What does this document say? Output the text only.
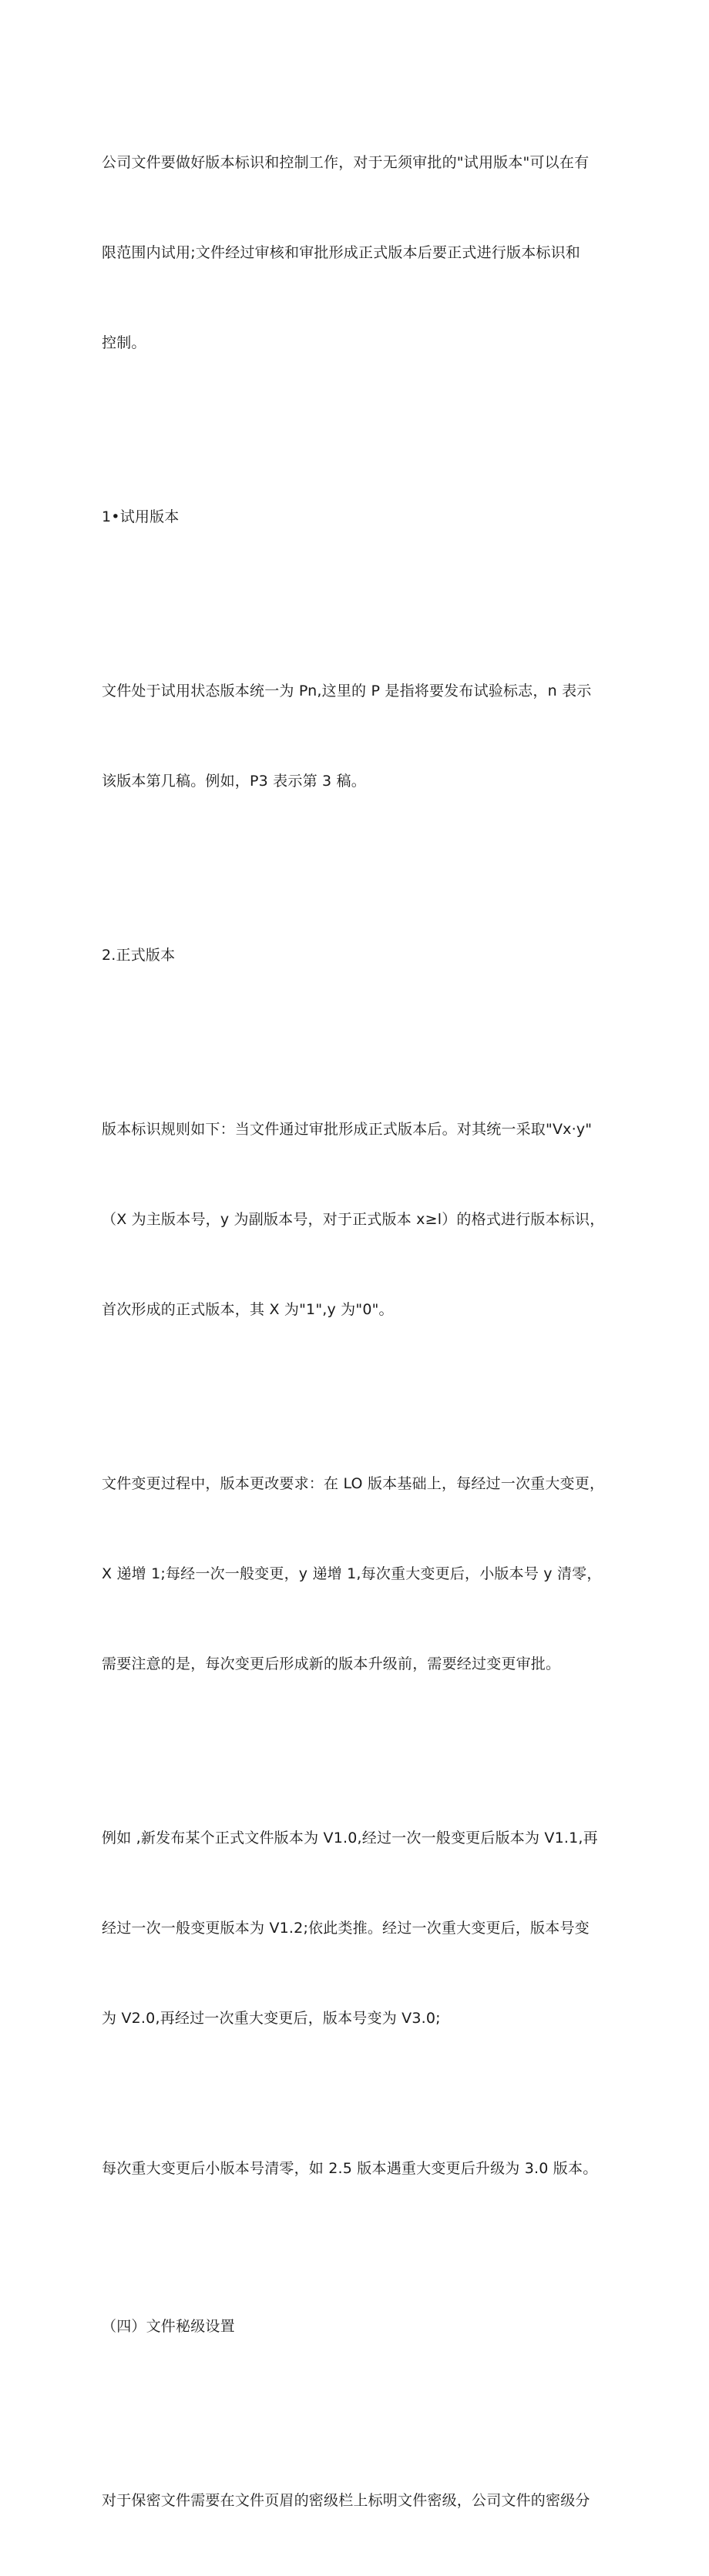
公司文件要做好版本标识和控制工作，对于无须审批的"试用版本"可以在有

限范围内试用;文件经过审核和审批形成正式版本后要正式进行版本标识和

控制。

1•试用版本

文件处于试用状态版本统一为 Pn,这里的 P 是指将要发布试验标志，n 表示

该版本第几稿。例如，P3 表示第 3 稿。

2.正式版本

版本标识规则如下：当文件通过审批形成正式版本后。对其统一采取"Vx·y"

（X 为主版本号，y 为副版本号，对于正式版本 x≥l）的格式进行版本标识，

首次形成的正式版本，其 X 为"1",y 为"0"。

文件变更过程中，版本更改要求：在 LO 版本基础上，每经过一次重大变更，

X 递增 1;每经一次一般变更，y 递增 1,每次重大变更后，小版本号 y 清零，

需要注意的是，每次变更后形成新的版本升级前，需要经过变更审批。

例如 ,新发布某个正式文件版本为 V1.0,经过一次一般变更后版本为 V1.1,再

经过一次一般变更版本为 V1.2;依此类推。经过一次重大变更后，版本号变

为 V2.0,再经过一次重大变更后，版本号变为 V3.0;

每次重大变更后小版本号清零，如 2.5 版本遇重大变更后升级为 3.0 版本。

（四）文件秘级设置

对于保密文件需要在文件页眉的密级栏上标明文件密级，公司文件的密级分
